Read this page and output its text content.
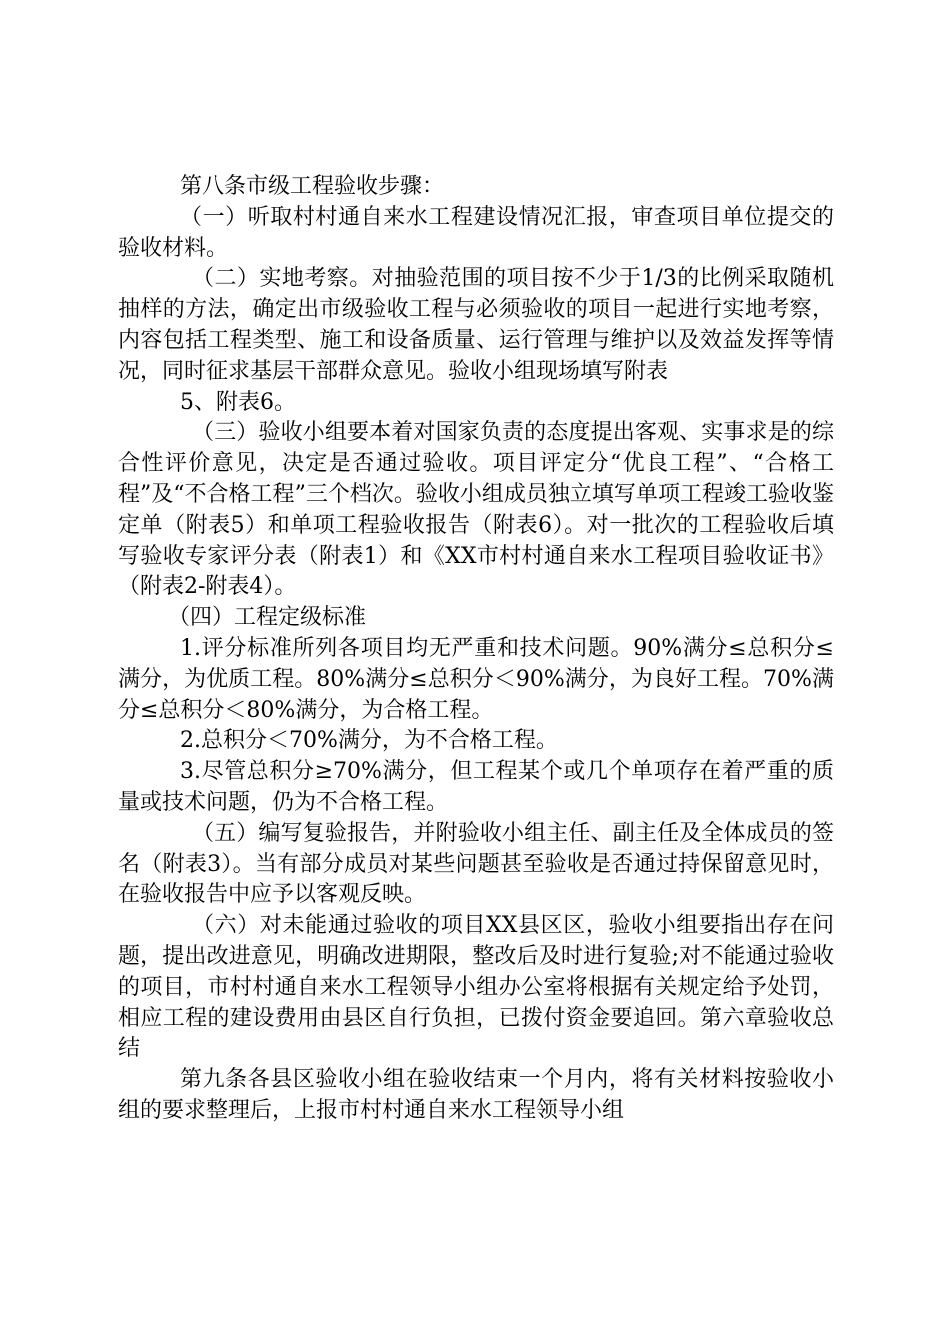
第八条市级工程验收步骤：

（一）听取村村通自来水工程建设情况汇报，审查项目单位提交的验收材料。

（二）实地考察。对抽验范围的项目按不少于1/3的比例采取随机抽样的方法，确定出市级验收工程与必须验收的项目一起进行实地考察，内容包括工程类型、施工和设备质量、运行管理与维护以及效益发挥等情况，同时征求基层干部群众意见。验收小组现场填写附表

5、附表6。

（三）验收小组要本着对国家负责的态度提出客观、实事求是的综合性评价意见，决定是否通过验收。项目评定分“优良工程”、“合格工程”及“不合格工程”三个档次。验收小组成员独立填写单项工程竣工验收鉴定单（附表5）和单项工程验收报告（附表6）。对一批次的工程验收后填写验收专家评分表（附表1）和《XX市村村通自来水工程项目验收证书》（附表2-附表4）。

（四）工程定级标准

1.评分标准所列各项目均无严重和技术问题。90%满分≤总积分≤满分，为优质工程。80%满分≤总积分＜90%满分，为良好工程。70%满分≤总积分＜80%满分，为合格工程。

2.总积分＜70%满分，为不合格工程。

3.尽管总积分≥70%满分，但工程某个或几个单项存在着严重的质量或技术问题，仍为不合格工程。

（五）编写复验报告，并附验收小组主任、副主任及全体成员的签名（附表3）。当有部分成员对某些问题甚至验收是否通过持保留意见时，在验收报告中应予以客观反映。

（六）对未能通过验收的项目XX县区区，验收小组要指出存在问题，提出改进意见，明确改进期限，整改后及时进行复验;对不能通过验收的项目，市村村通自来水工程领导小组办公室将根据有关规定给予处罚，相应工程的建设费用由县区自行负担，已拨付资金要追回。第六章验收总结

第九条各县区验收小组在验收结束一个月内，将有关材料按验收小组的要求整理后，上报市村村通自来水工程领导小组
